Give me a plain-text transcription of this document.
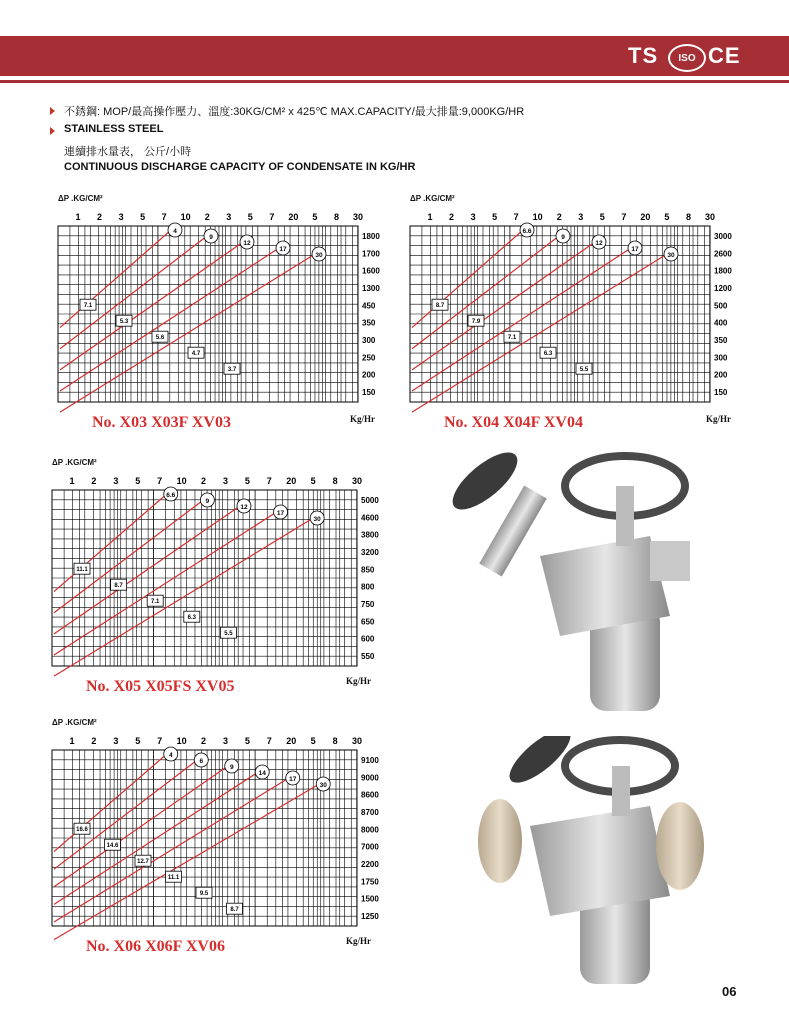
TS	ISO CE
不銹鋼: MOP/最高操作壓力、溫度:30KG/CM² x 425℃ MAX.CAPACITY/最大排量:9,000KG/HR
STAINLESS STEEL
連續排水量表， 公斤/小時
CONTINUOUS DISCHARGE CAPACITY OF CONDENSATE IN KG/HR
ΔP .KG/CM²
1 2 3 5 7 10 2 3 5 7 20 5 8 30
1800
1700
1600
1300
450
350
300
250
200
150
4
9
12
17
30
7.1
5.3
5.6
4.7
3.7
No. X03 X03F XV03	Kg/Hr
ΔP .KG/CM²
1 2 3 5 7 10 2 3 5 7 20 5 8 30
3000
2600
1800
1200
500
400
350
300
200
150
6.6
9
12
17
30
8.7
7.9
7.1
6.3
5.5
No. X04 X04F XV04	Kg/Hr
ΔP .KG/CM²
1 2 3 5 7 10 2 3 5 7 20 5 8 30
5000
4600
3800
3200
850
800
750
650
600
550
6.6
9
12
17
30
11.1
8.7
7.1
6.3
5.5
No. X05 X05FS XV05	Kg/Hr
ΔP .KG/CM²
1 2 3 5 7 10 2 3 5 7 20 5 8 30
9100
9000
8600
8700
8000
7000
2200
1750
1500
1250
4
6
9
14
17
30
16.6
14.6
12.7
11.1
9.5
8.7
No. X06 X06F XV06	Kg/Hr
06
